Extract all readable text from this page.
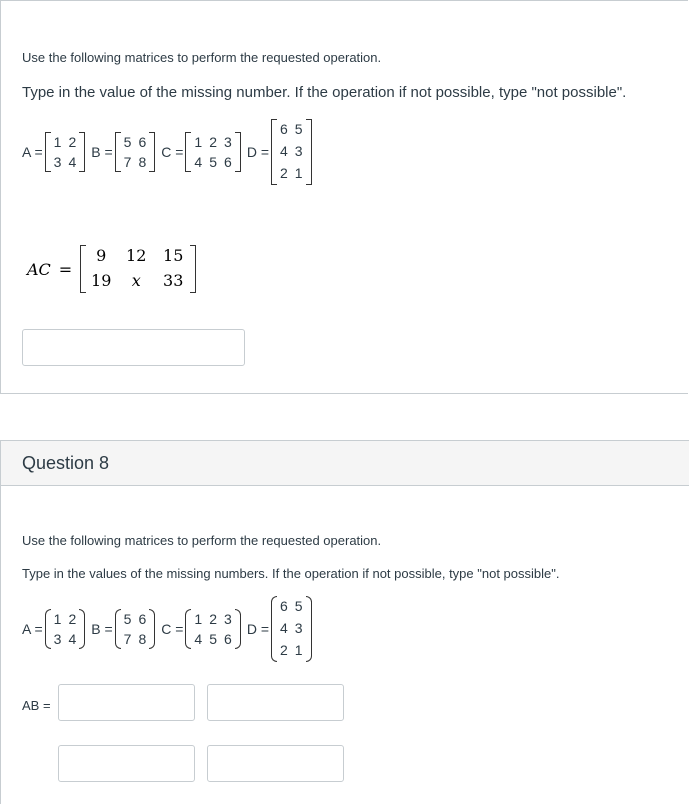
Use the following matrices to perform the requested operation.
Type in the value of the missing number. If the operation if not possible, type "not possible".
A =
1 2
3 4
B =
5 6
7 8
C =
1 2 3
4 5 6
D =
6 5
4 3
2 1
AC =
9	12	15
19	x	33
Question 8
Use the following matrices to perform the requested operation.
Type in the values of the missing numbers. If the operation if not possible, type "not possible".
A =
1 2
3 4
B =
5 6
7 8
C =
1 2 3
4 5 6
D =
6 5
4 3
2 1
AB =
